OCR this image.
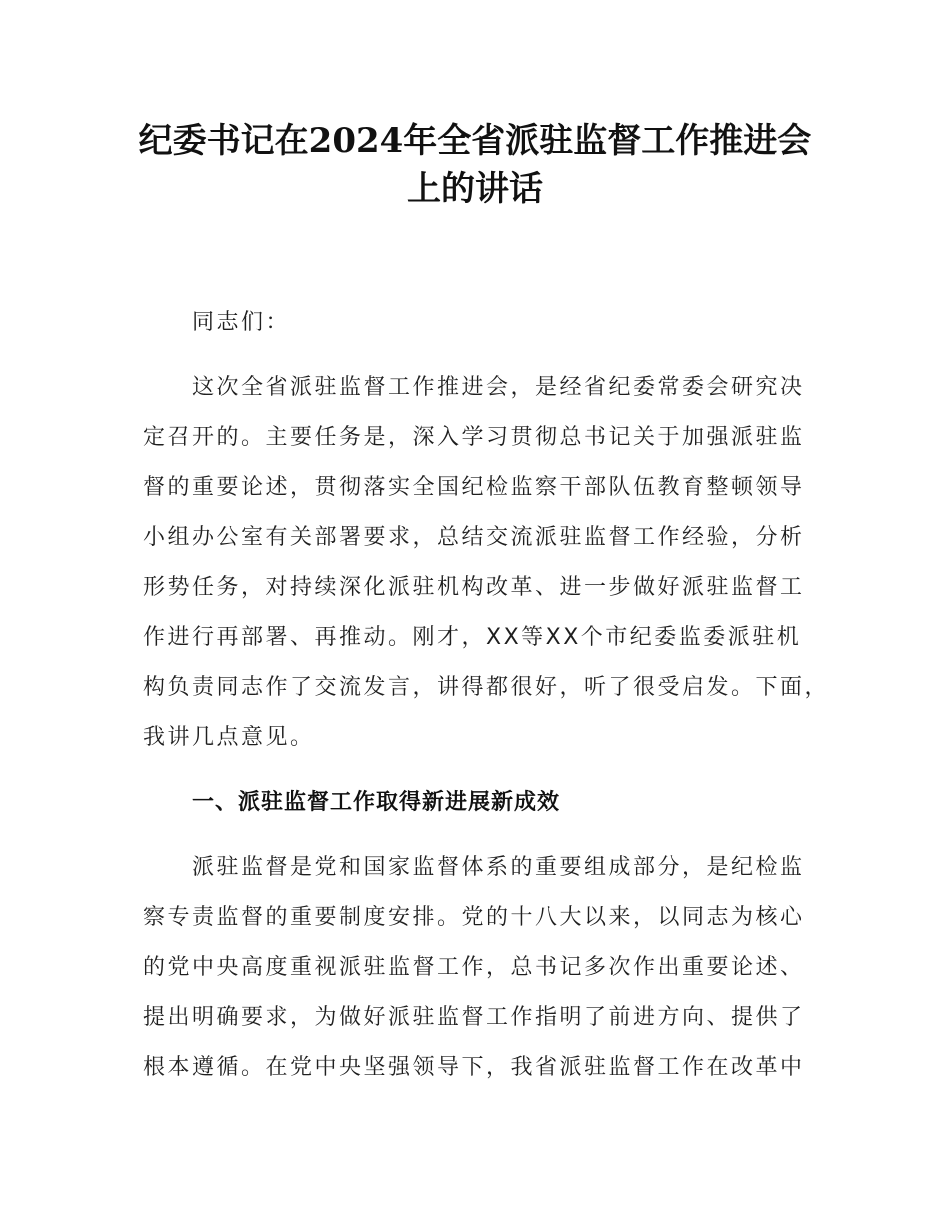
纪委书记在2024年全省派驻监督工作推进会
上的讲话

同志们：

这次全省派驻监督工作推进会，是经省纪委常委会研究决

定召开的。主要任务是，深入学习贯彻总书记关于加强派驻监

督的重要论述，贯彻落实全国纪检监察干部队伍教育整顿领导

小组办公室有关部署要求，总结交流派驻监督工作经验，分析

形势任务，对持续深化派驻机构改革、进一步做好派驻监督工

作进行再部署、再推动。刚才，XX等XX个市纪委监委派驻机

构负责同志作了交流发言，讲得都很好，听了很受启发。下面，

我讲几点意见。

一、派驻监督工作取得新进展新成效

派驻监督是党和国家监督体系的重要组成部分，是纪检监

察专责监督的重要制度安排。党的十八大以来，以同志为核心

的党中央高度重视派驻监督工作，总书记多次作出重要论述、

提出明确要求，为做好派驻监督工作指明了前进方向、提供了

根本遵循。在党中央坚强领导下，我省派驻监督工作在改革中
